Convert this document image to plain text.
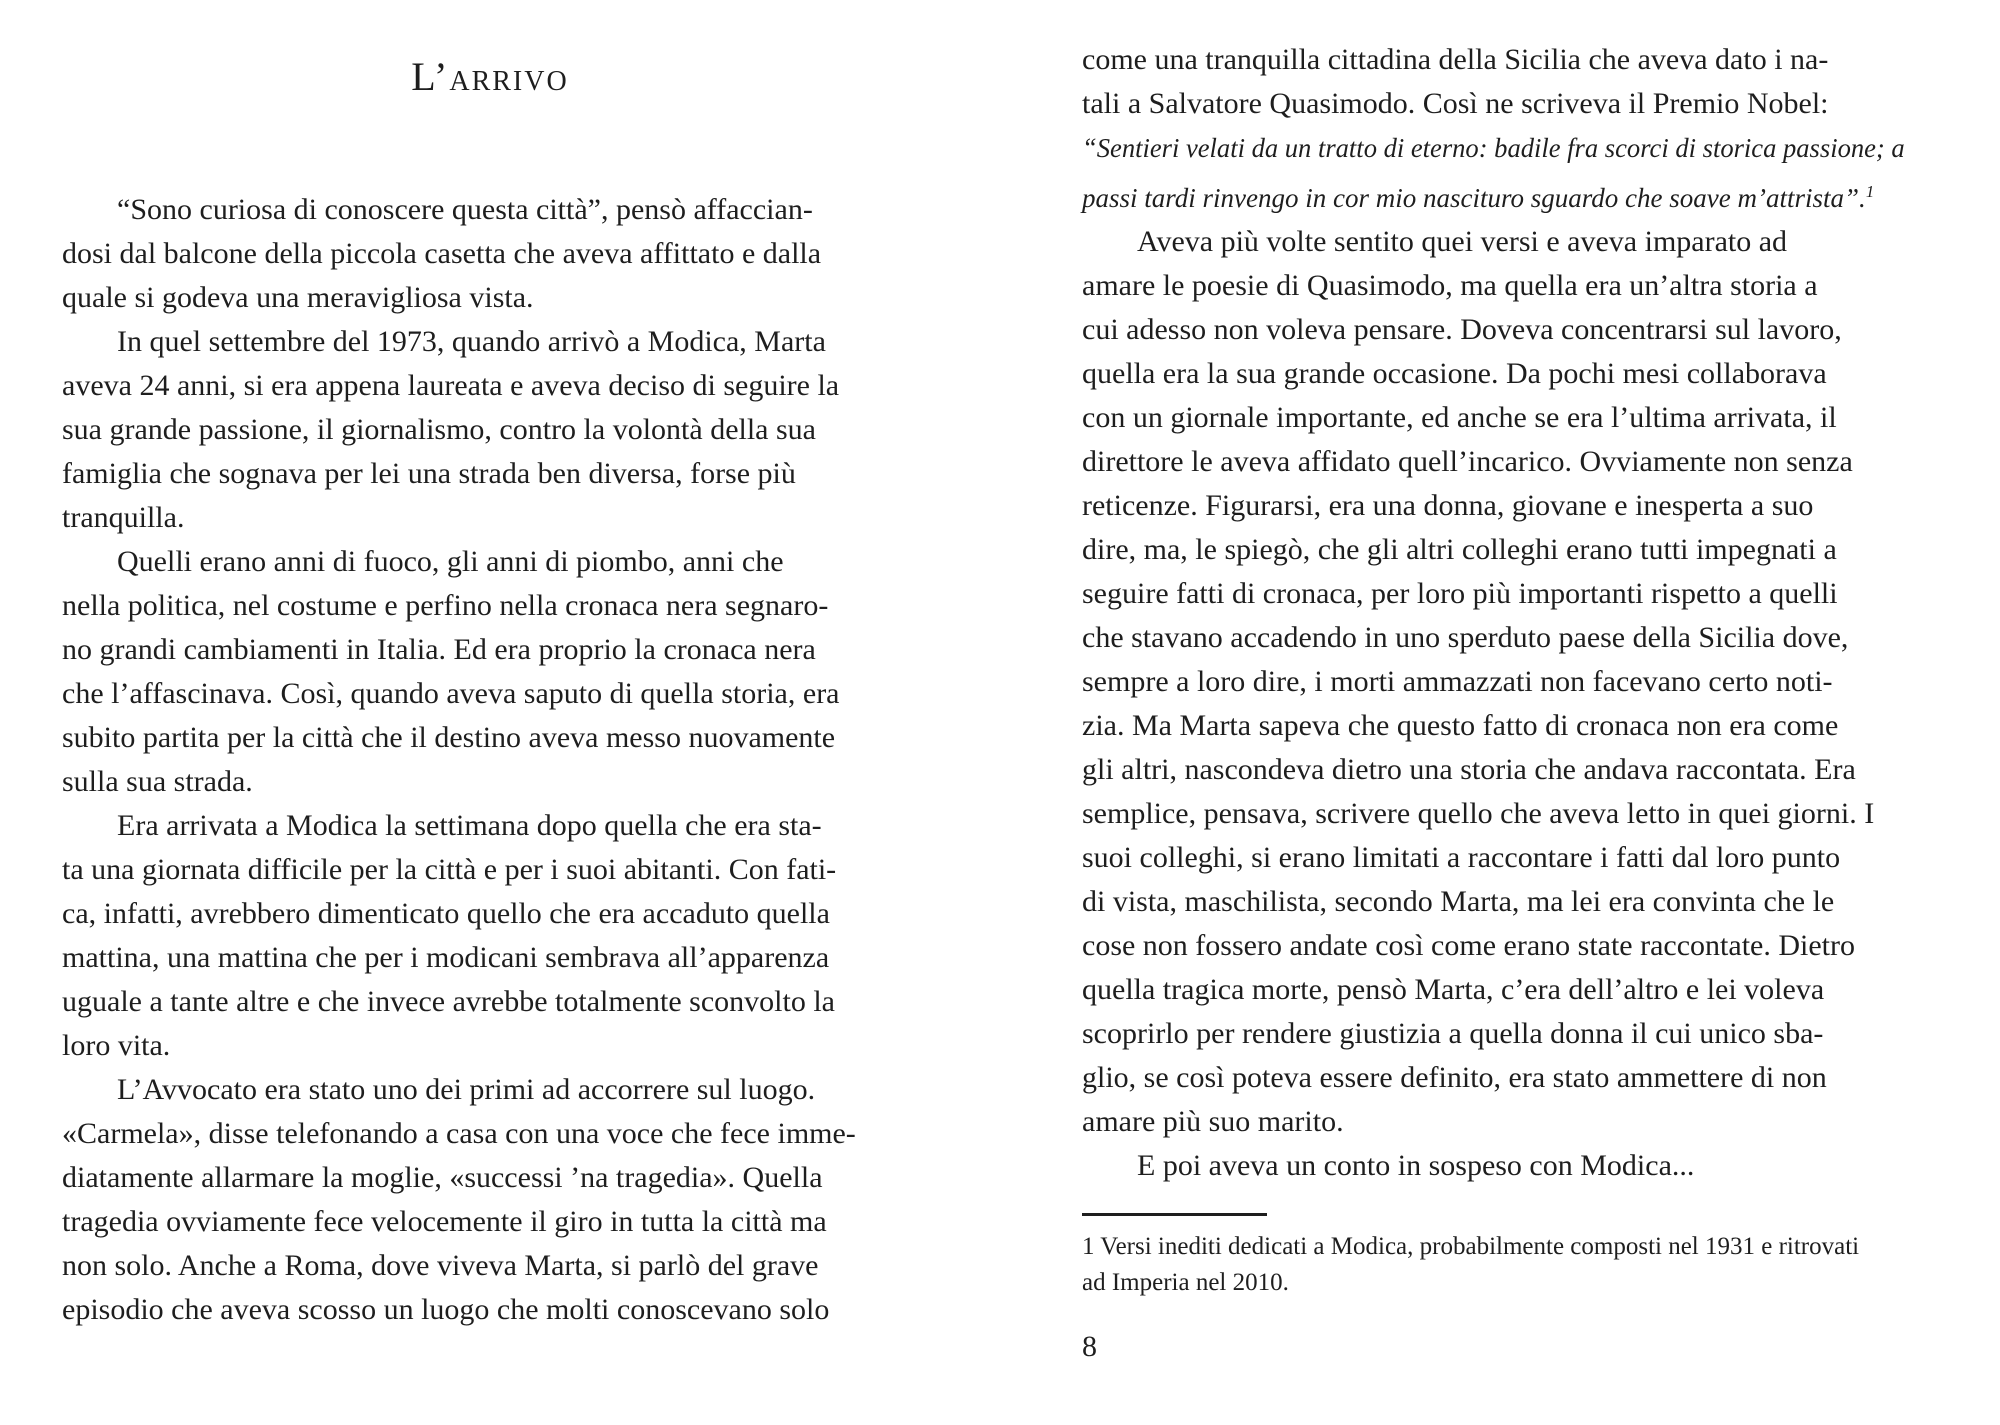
L’arrivo
“Sono curiosa di conoscere questa città”, pensò affaccian-
dosi dal balcone della piccola casetta che aveva affittato e dalla
quale si godeva una meravigliosa vista.
In quel settembre del 1973, quando arrivò a Modica, Marta
aveva 24 anni, si era appena laureata e aveva deciso di seguire la
sua grande passione, il giornalismo, contro la volontà della sua
famiglia che sognava per lei una strada ben diversa, forse più
tranquilla.
Quelli erano anni di fuoco, gli anni di piombo, anni che
nella politica, nel costume e perfino nella cronaca nera segnaro-
no grandi cambiamenti in Italia. Ed era proprio la cronaca nera
che l’affascinava. Così, quando aveva saputo di quella storia, era
subito partita per la città che il destino aveva messo nuovamente
sulla sua strada.
Era arrivata a Modica la settimana dopo quella che era sta-
ta una giornata difficile per la città e per i suoi abitanti. Con fati-
ca, infatti, avrebbero dimenticato quello che era accaduto quella
mattina, una mattina che per i modicani sembrava all’apparenza
uguale a tante altre e che invece avrebbe totalmente sconvolto la
loro vita.
L’Avvocato era stato uno dei primi ad accorrere sul luogo.
«Carmela», disse telefonando a casa con una voce che fece imme-
diatamente allarmare la moglie, «successi ’na tragedia». Quella
tragedia ovviamente fece velocemente il giro in tutta la città ma
non solo. Anche a Roma, dove viveva Marta, si parlò del grave
episodio che aveva scosso un luogo che molti conoscevano solo
come una tranquilla cittadina della Sicilia che aveva dato i na-
tali a Salvatore Quasimodo. Così ne scriveva il Premio Nobel:
“Sentieri velati da un tratto di eterno: badile fra scorci di storica passione; a
passi tardi rinvengo in cor mio nascituro sguardo che soave m’attrista”.$^1$
Aveva più volte sentito quei versi e aveva imparato ad
amare le poesie di Quasimodo, ma quella era un’altra storia a
cui adesso non voleva pensare. Doveva concentrarsi sul lavoro,
quella era la sua grande occasione. Da pochi mesi collaborava
con un giornale importante, ed anche se era l’ultima arrivata, il
direttore le aveva affidato quell’incarico. Ovviamente non senza
reticenze. Figurarsi, era una donna, giovane e inesperta a suo
dire, ma, le spiegò, che gli altri colleghi erano tutti impegnati a
seguire fatti di cronaca, per loro più importanti rispetto a quelli
che stavano accadendo in uno sperduto paese della Sicilia dove,
sempre a loro dire, i morti ammazzati non facevano certo noti-
zia. Ma Marta sapeva che questo fatto di cronaca non era come
gli altri, nascondeva dietro una storia che andava raccontata. Era
semplice, pensava, scrivere quello che aveva letto in quei giorni. I
suoi colleghi, si erano limitati a raccontare i fatti dal loro punto
di vista, maschilista, secondo Marta, ma lei era convinta che le
cose non fossero andate così come erano state raccontate. Dietro
quella tragica morte, pensò Marta, c’era dell’altro e lei voleva
scoprirlo per rendere giustizia a quella donna il cui unico sba-
glio, se così poteva essere definito, era stato ammettere di non
amare più suo marito.
E poi aveva un conto in sospeso con Modica...
1 Versi inediti dedicati a Modica, probabilmente composti nel 1931 e ritrovati
ad Imperia nel 2010.
8
